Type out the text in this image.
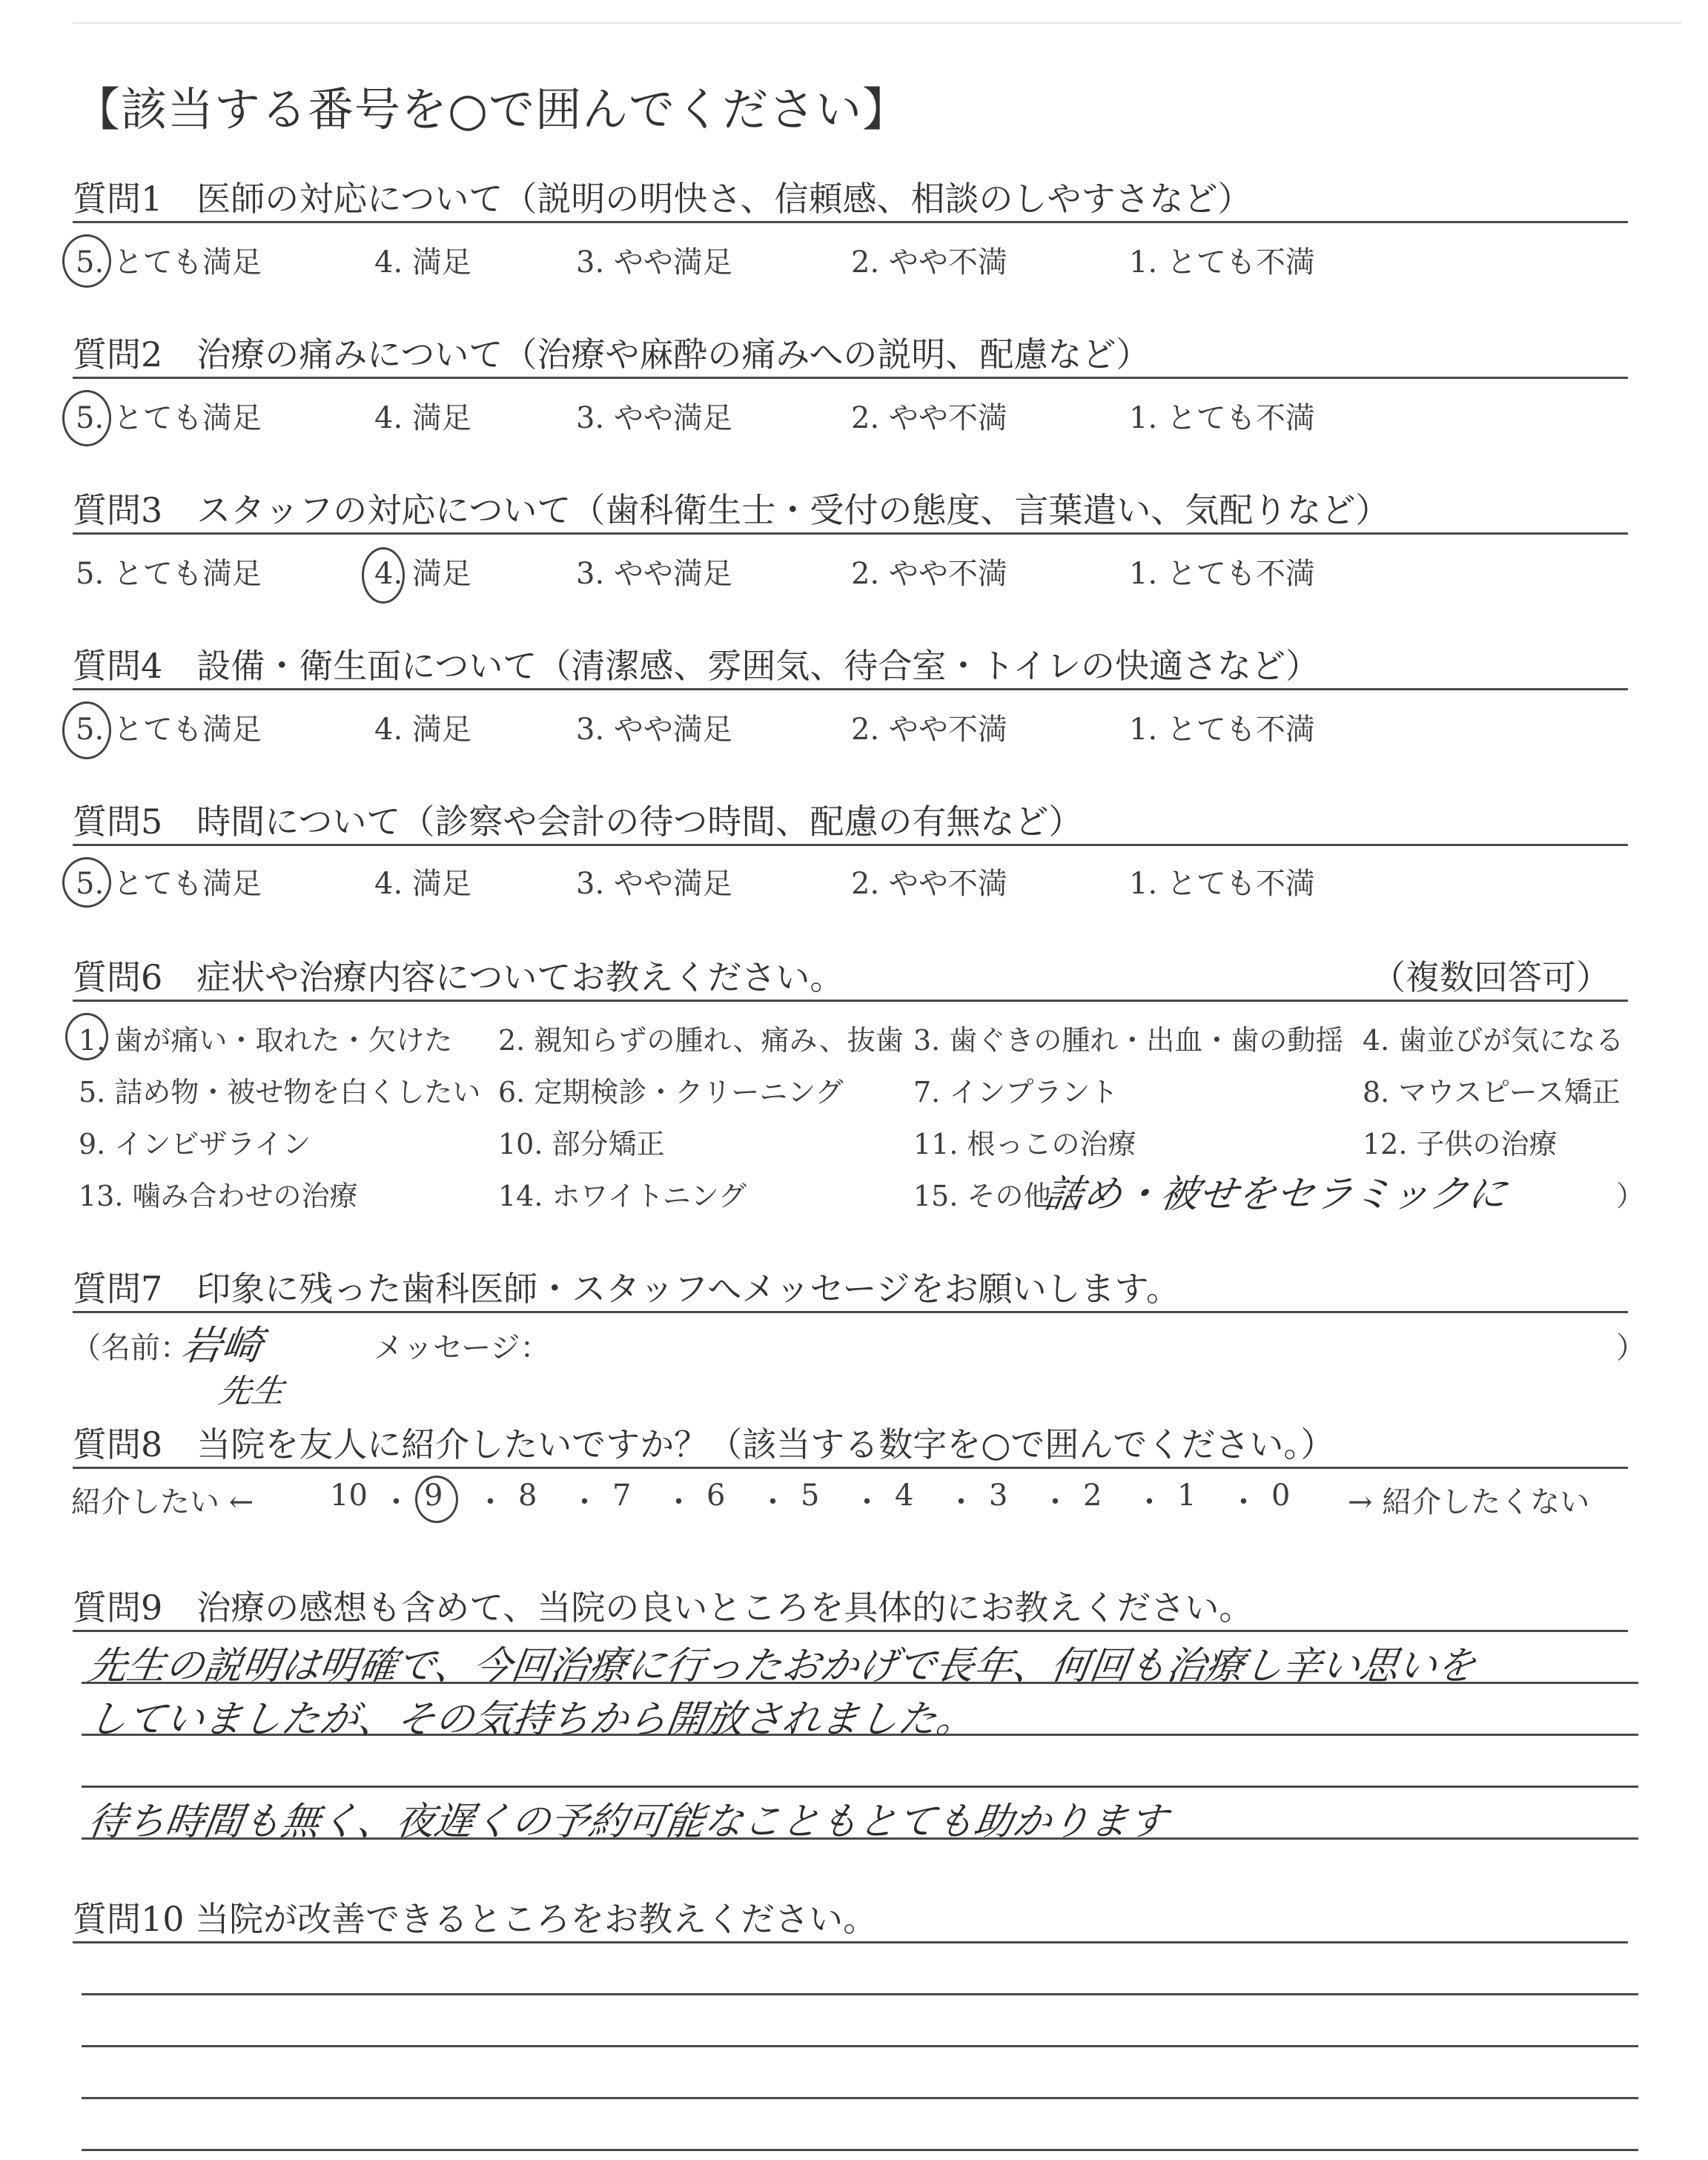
【該当する番号を○で囲んでください】
質問1　医師の対応について（説明の明快さ、信頼感、相談のしやすさなど）
5. とても満足	4. 満足	3. やや満足	2. やや不満	1. とても不満
質問2　治療の痛みについて（治療や麻酔の痛みへの説明、配慮など）
5. とても満足	4. 満足	3. やや満足	2. やや不満	1. とても不満
質問3　スタッフの対応について（歯科衛生士・受付の態度、言葉遣い、気配りなど）
5. とても満足	4. 満足	3. やや満足	2. やや不満	1. とても不満
質問4　設備・衛生面について（清潔感、雰囲気、待合室・トイレの快適さなど）
5. とても満足	4. 満足	3. やや満足	2. やや不満	1. とても不満
質問5　時間について（診察や会計の待つ時間、配慮の有無など）
5. とても満足	4. 満足	3. やや満足	2. やや不満	1. とても不満
質問6　症状や治療内容についてお教えください。	（複数回答可）
1. 歯が痛い・取れた・欠けた 2. 親知らずの腫れ、痛み、抜歯 3. 歯ぐきの腫れ・出血・歯の動揺 4. 歯並びが気になる
5. 詰め物・被せ物を白くしたい 6. 定期検診・クリーニング 7. インプラント	8. マウスピース矯正
9. インビザライン	10. 部分矯正	11. 根っこの治療	12. 子供の治療
13. 噛み合わせの治療	14. ホワイトニング	15. その他（
詰め・被せをセラミックに	）
質問7　印象に残った歯科医師・スタッフへメッセージをお願いします。
（名前：
岩崎
先生
メッセージ：	）
質問8　当院を友人に紹介したいですか？（該当する数字を○で囲んでください。）
紹介したい ←	10 ・ 9 ・ 8 ・ 7 ・ 6 ・ 5 ・ 4 ・ 3 ・ 2 ・ 1 ・ 0 → 紹介したくない
質問9　治療の感想も含めて、当院の良いところを具体的にお教えください。
先生の説明は明確で、今回治療に行ったおかげで長年、何回も治療し辛い思いを
していましたが、その気持ちから開放されました。
待ち時間も無く、夜遅くの予約可能なこともとても助かります
質問10 当院が改善できるところをお教えください。
